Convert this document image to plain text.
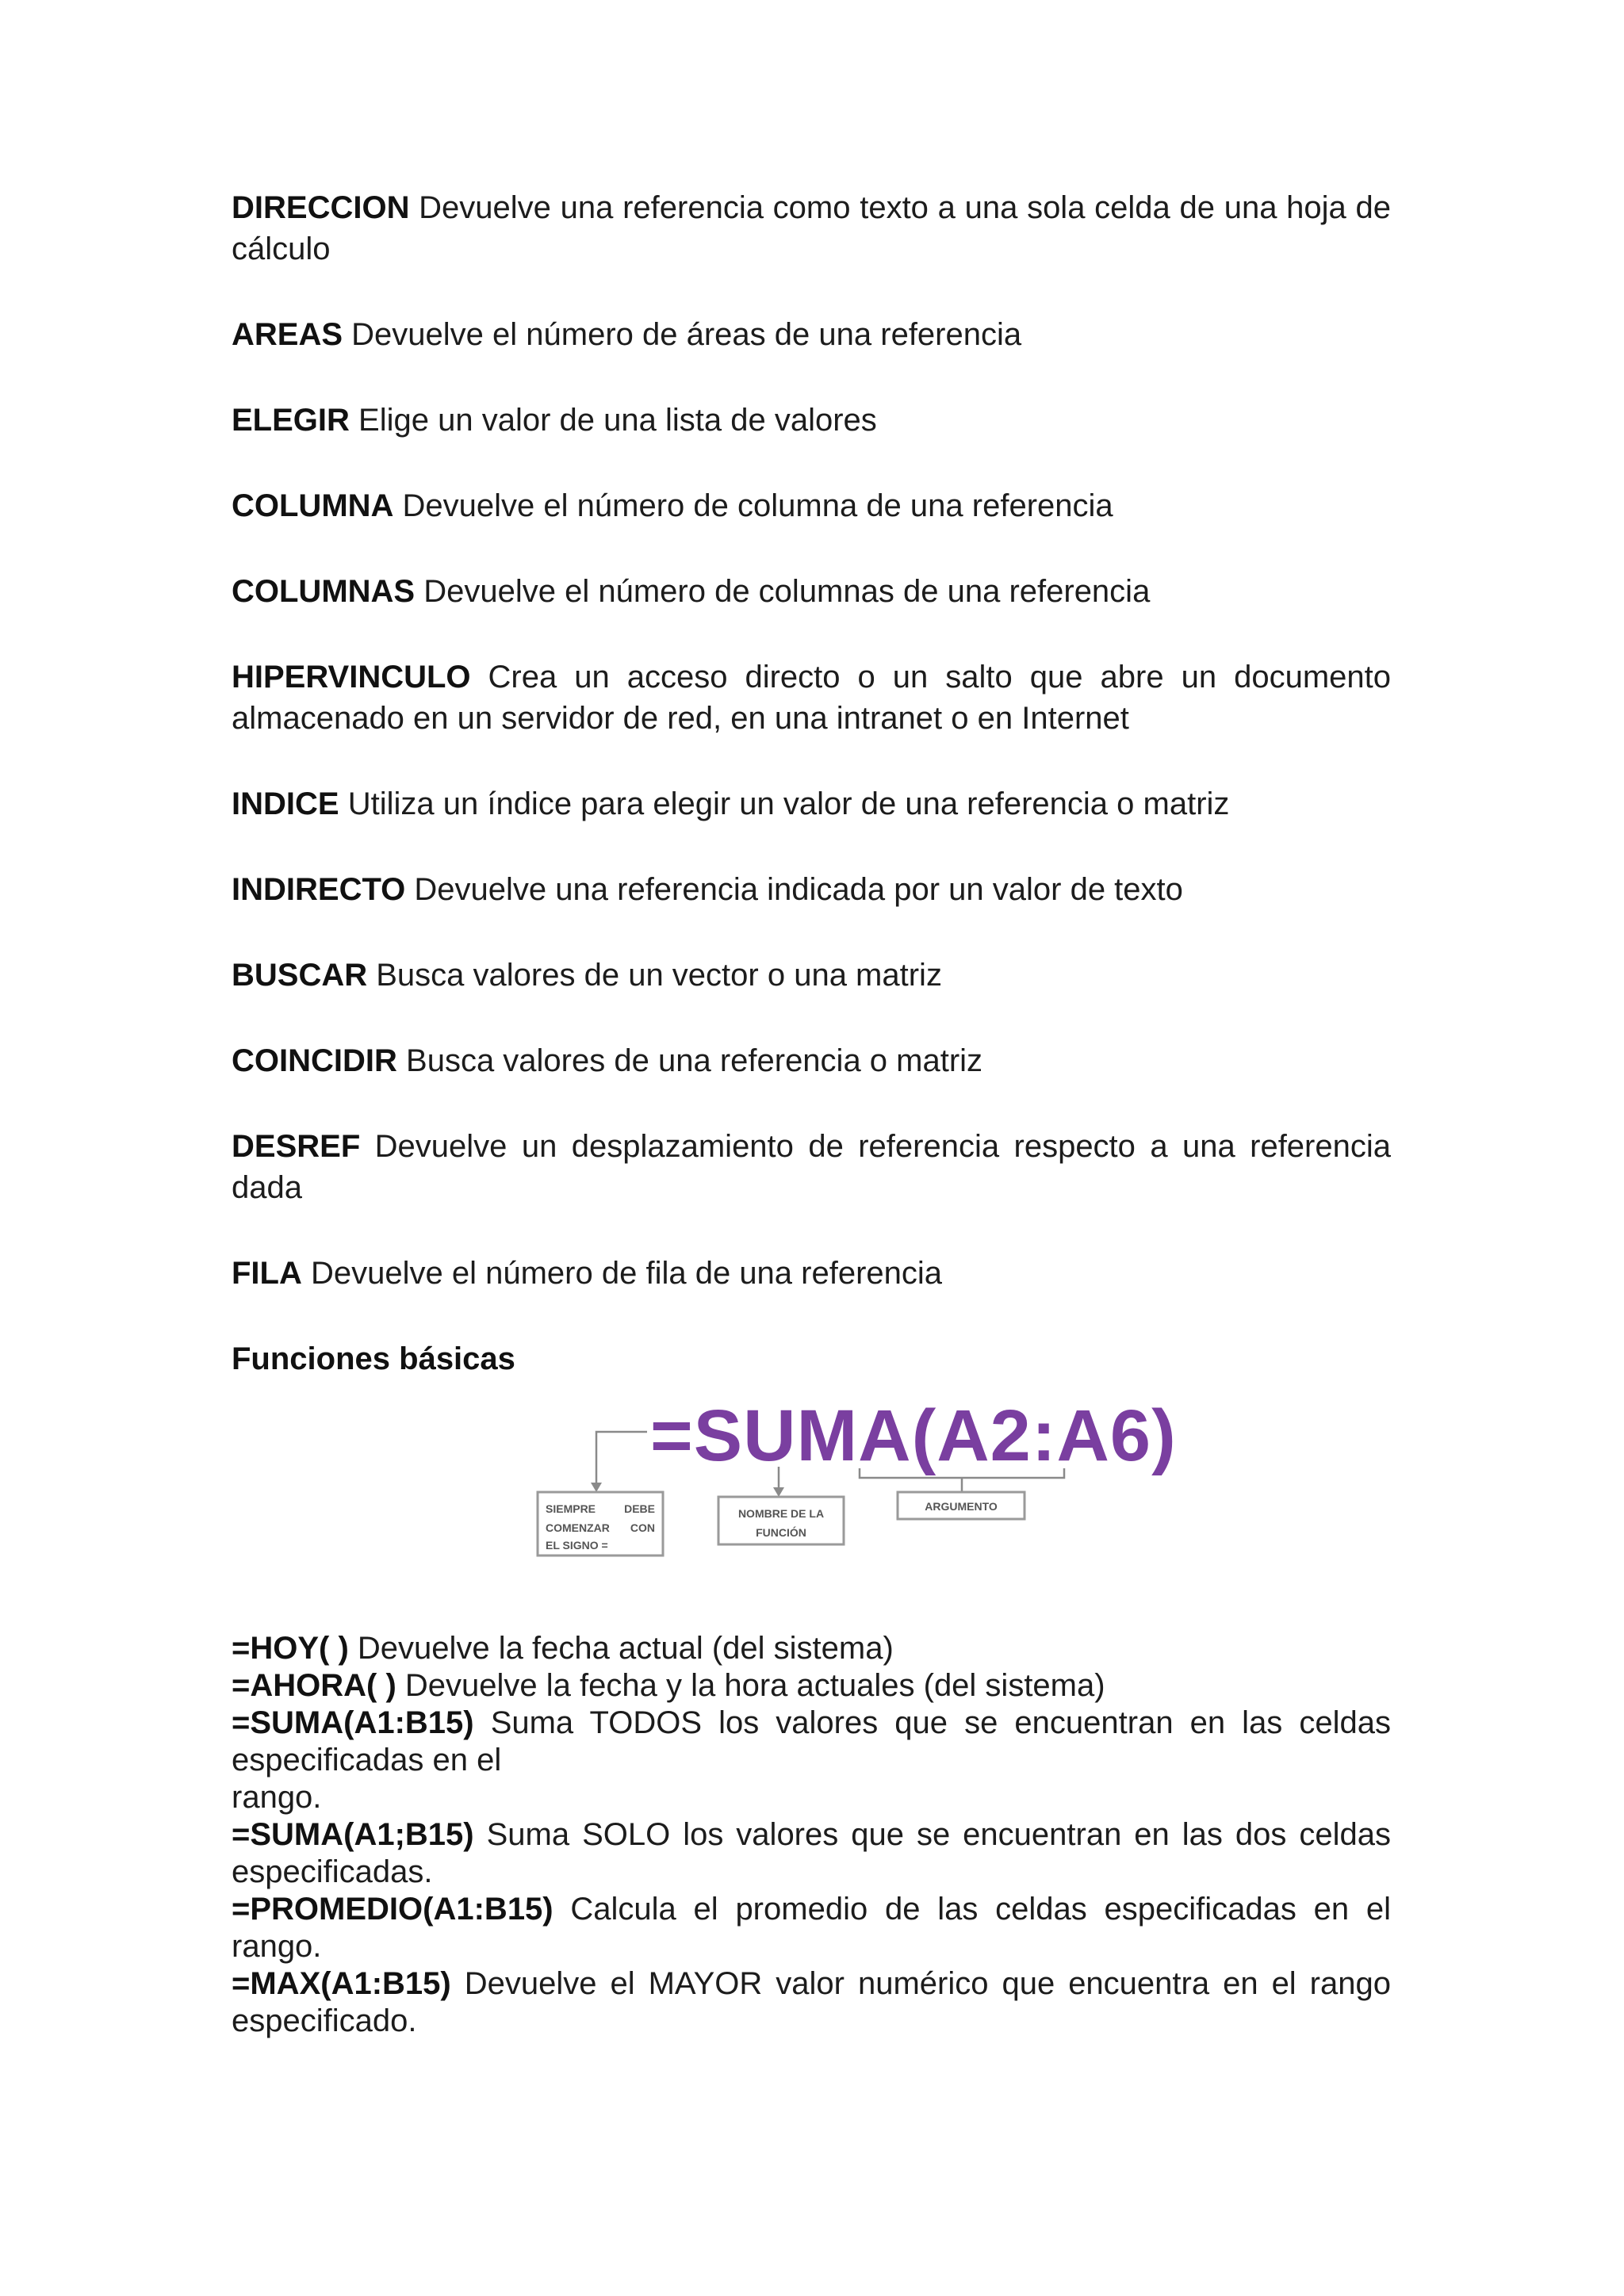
DIRECCION Devuelve una referencia como texto a una sola celda de una hoja de cálculo

AREAS Devuelve el número de áreas de una referencia

ELEGIR Elige un valor de una lista de valores

COLUMNA Devuelve el número de columna de una referencia

COLUMNAS Devuelve el número de columnas de una referencia

HIPERVINCULO Crea un acceso directo o un salto que abre un documento almacenado en un servidor de red, en una intranet o en Internet

INDICE Utiliza un índice para elegir un valor de una referencia o matriz

INDIRECTO Devuelve una referencia indicada por un valor de texto

BUSCAR Busca valores de un vector o una matriz

COINCIDIR Busca valores de una referencia o matriz

DESREF Devuelve un desplazamiento de referencia respecto a una referencia dada

FILA Devuelve el número de fila de una referencia

Funciones básicas

=SUMA(A2:A6)
SIEMPRE	DEBE
COMENZAR CON
EL SIGNO =
NOMBRE DE LA
FUNCIÓN
ARGUMENTO

=HOY( ) Devuelve la fecha actual (del sistema)

=AHORA( ) Devuelve la fecha y la hora actuales (del sistema)

=SUMA(A1:B15) Suma TODOS los valores que se encuentran en las celdas especificadas en el

rango.

=SUMA(A1;B15) Suma SOLO los valores que se encuentran en las dos celdas especificadas.

=PROMEDIO(A1:B15) Calcula el promedio de las celdas especificadas en el rango.

=MAX(A1:B15) Devuelve el MAYOR valor numérico que encuentra en el rango especificado.
